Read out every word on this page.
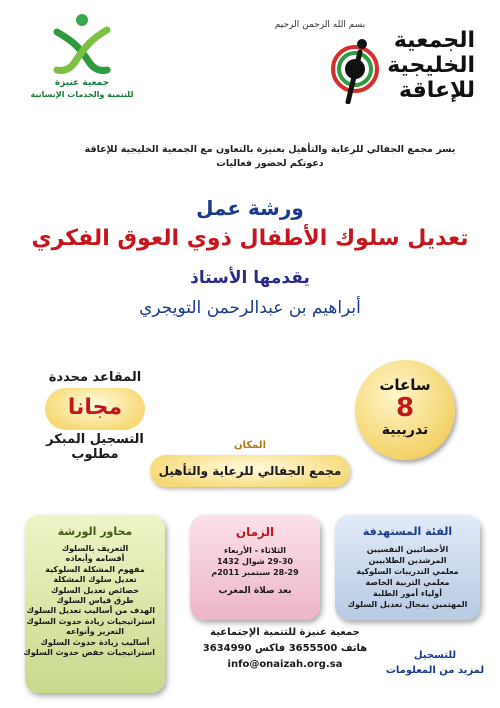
بسم الله الرحمن الرحيم
جمعية عنيزة
للتنمية والخدمات الإنسانية
الجمعية
الخليجية
للإعاقة
يسر مجمع الجفالي للرعاية والتأهيل بعنيزة بالتعاون مع الجمعية الخليجية للإعاقة
دعوتكم لحضور فعاليات
ورشة عمل
تعديل سلوك الأطفال ذوي العوق الفكري
يقدمها الأستاذ
أبراهيم بن عبدالرحمن التويجري
ساعات
8
تدريبية
المقاعد محددة
مجانا
التسجيل المبكر
مطلوب
المكان
مجمع الجفالي للرعاية والتأهيل
الفئة المستهدفة
الأخصائيين النفسيين
المرشدين الطلابيين
معلمي التدريبات السلوكية
معلمي التربية الخاصة
أولياء أمور الطلبة
المهتمين بمجال تعديل السلوك
الزمان
الثلاثاء - الأربعاء
29-30 شوال 1432
28-29 سبتمبر 2011م
بعد صلاة المغرب
محاور الورشة
التعريف بالسلوك
أقسامه وأبعاده
مفهوم المشكلة السلوكية
تعديل سلوك المشكلة
خصائص تعديل السلوك
طرق قياس السلوك
الهدف من أساليب تعديل السلوك
استراتيجيات زيادة حدوث السلوك
التعزيز وأنواعه
أساليب زيادة حدوث السلوك
استراتيجيات خفض حدوث السلوك
جمعية عنيزة للتنمية الإجتماعية
هاتف 3655500 فاكس 3634990
info@onaizah.org.sa
للتسجيل
لمزيد من المعلومات
